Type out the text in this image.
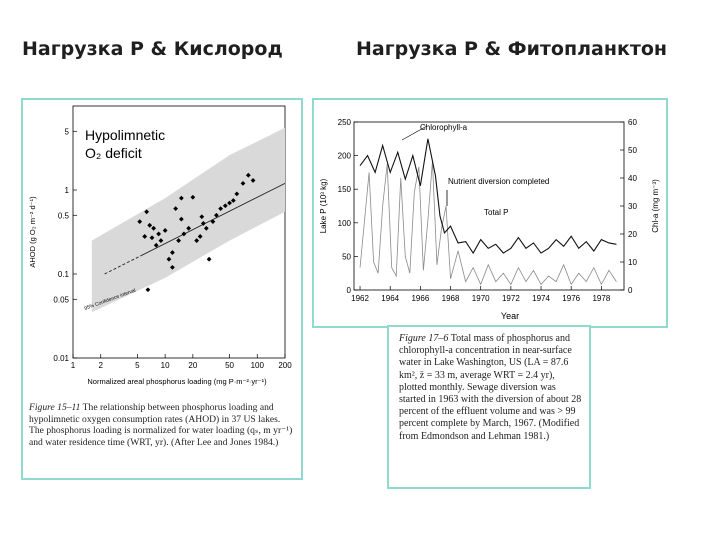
Нагрузка Р & Кислород	Нагрузка Р & Фитопланктон
1	2	5	10 20	50 100 200
0.01
0.05
0.1
0.5
1
5 Hypolimnetic
O₂ deficit
95% Confidence interval
Normalized areal phosphorus loading (mg P·m⁻²·yr⁻¹)
AHOD (g O₂ m⁻² d⁻¹)
Figure 15–11 The relationship between phosphorus loading and hypolimnetic oxygen consumption rates (AHOD) in 37 US lakes. The phosphorus loading is normalized for water loading (qₛ, m yr⁻¹) and water residence time (WRT, yr). (After Lee and Jones 1984.)
1962 1964 1966 1968 1970 1972 1974 1976 1978
0
50
100
150
200
250
0
10
20
30
40
50
60
Chlorophyll-a
Nutrient diversion completed
Total P
Year
Lake P (10³ kg)	Chl-a (mg m⁻³)
Figure 17–6 Total mass of phosphorus and chlorophyll-a concentration in near-surface water in Lake Washington, US (LA = 87.6 km², z̄ = 33 m, average WRT = 2.4 yr), plotted monthly. Sewage diversion was started in 1963 with the diversion of about 28 percent of the effluent volume and was > 99 percent complete by March, 1967. (Modified from Edmondson and Lehman 1981.)
